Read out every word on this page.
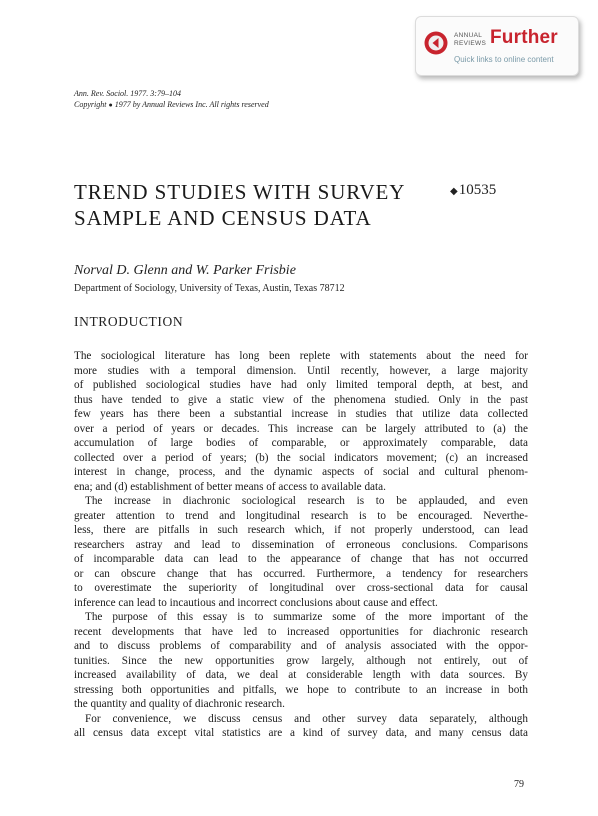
ANNUAL
REVIEWS Further
Quick links to online content
Ann. Rev. Sociol. 1977. 3:79–104
Copyright ● 1977 by Annual Reviews Inc. All rights reserved
TREND STUDIES WITH SURVEY
SAMPLE AND CENSUS DATA
◆10535
Norval D. Glenn and W. Parker Frisbie
Department of Sociology, University of Texas, Austin, Texas 78712
INTRODUCTION
The sociological literature has long been replete with statements about the need for
more studies with a temporal dimension. Until recently, however, a large majority
of published sociological studies have had only limited temporal depth, at best, and
thus have tended to give a static view of the phenomena studied. Only in the past
few years has there been a substantial increase in studies that utilize data collected
over a period of years or decades. This increase can be largely attributed to (a) the
accumulation of large bodies of comparable, or approximately comparable, data
collected over a period of years; (b) the social indicators movement; (c) an increased
interest in change, process, and the dynamic aspects of social and cultural phenom-
ena; and (d) establishment of better means of access to available data.
The increase in diachronic sociological research is to be applauded, and even
greater attention to trend and longitudinal research is to be encouraged. Neverthe-
less, there are pitfalls in such research which, if not properly understood, can lead
researchers astray and lead to dissemination of erroneous conclusions. Comparisons
of incomparable data can lead to the appearance of change that has not occurred
or can obscure change that has occurred. Furthermore, a tendency for researchers
to overestimate the superiority of longitudinal over cross-sectional data for causal
inference can lead to incautious and incorrect conclusions about cause and effect.
The purpose of this essay is to summarize some of the more important of the
recent developments that have led to increased opportunities for diachronic research
and to discuss problems of comparability and of analysis associated with the oppor-
tunities. Since the new opportunities grow largely, although not entirely, out of
increased availability of data, we deal at considerable length with data sources. By
stressing both opportunities and pitfalls, we hope to contribute to an increase in both
the quantity and quality of diachronic research.
For convenience, we discuss census and other survey data separately, although
all census data except vital statistics are a kind of survey data, and many census data
79
